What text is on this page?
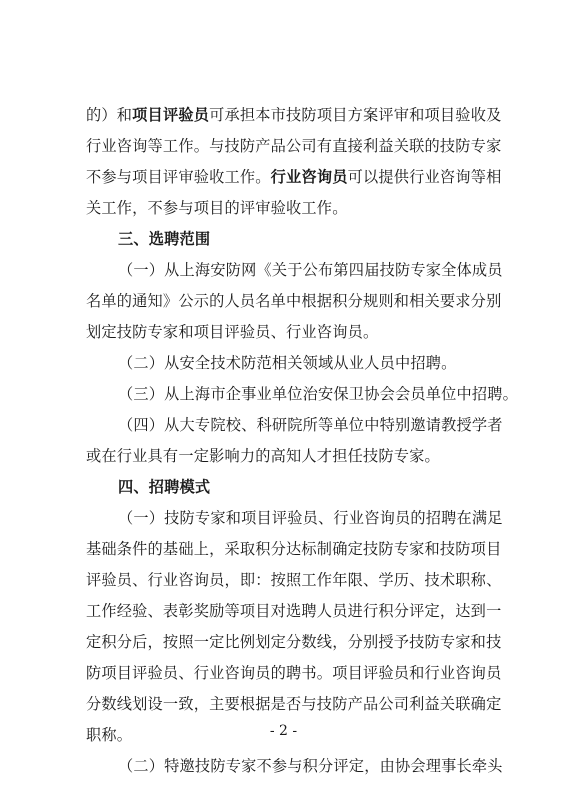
的）和项目评验员可承担本市技防项目方案评审和项目验收及
行业咨询等工作。与技防产品公司有直接利益关联的技防专家
不参与项目评审验收工作。行业咨询员可以提供行业咨询等相
关工作，不参与项目的评审验收工作。
三、选聘范围
（一）从上海安防网《关于公布第四届技防专家全体成员
名单的通知》公示的人员名单中根据积分规则和相关要求分别
划定技防专家和项目评验员、行业咨询员。
（二）从安全技术防范相关领域从业人员中招聘。
（三）从上海市企事业单位治安保卫协会会员单位中招聘。
（四）从大专院校、科研院所等单位中特别邀请教授学者
或在行业具有一定影响力的高知人才担任技防专家。
四、招聘模式
（一）技防专家和项目评验员、行业咨询员的招聘在满足
基础条件的基础上，采取积分达标制确定技防专家和技防项目
评验员、行业咨询员，即：按照工作年限、学历、技术职称、
工作经验、表彰奖励等项目对选聘人员进行积分评定，达到一
定积分后，按照一定比例划定分数线，分别授予技防专家和技
防项目评验员、行业咨询员的聘书。项目评验员和行业咨询员
分数线划设一致，主要根据是否与技防产品公司利益关联确定
职称。
（二）特邀技防专家不参与积分评定，由协会理事长牵头
- 2 -
